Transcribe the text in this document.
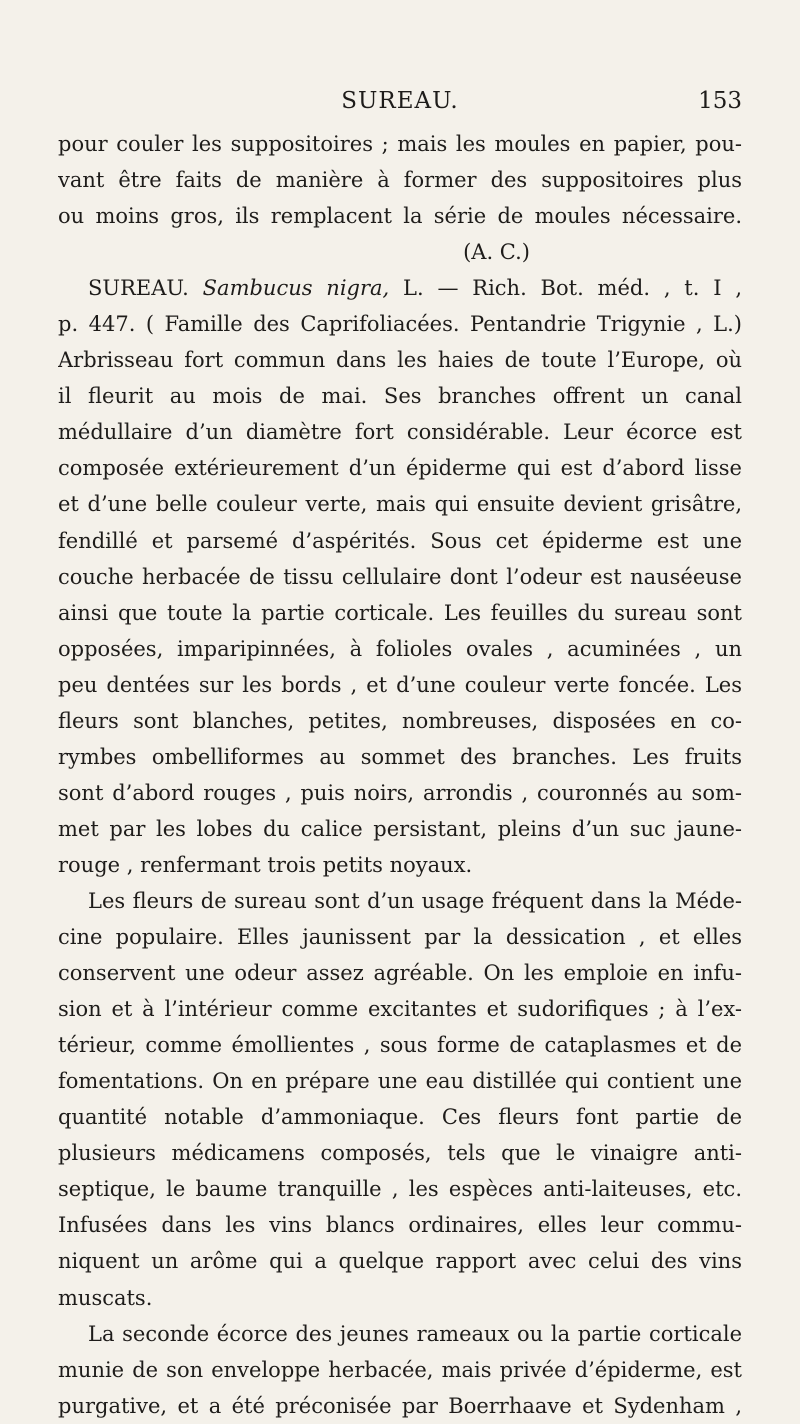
SUREAU.	153
pour couler les suppositoires ; mais les moules en papier, pou-
vant être faits de manière à former des suppositoires plus
ou moins gros, ils remplacent la série de moules nécessaire.
(A. C.)
SUREAU. Sambucus nigra, L. — Rich. Bot. méd. , t. I ,
p. 447. ( Famille des Caprifoliacées. Pentandrie Trigynie , L.)
Arbrisseau fort commun dans les haies de toute l’Europe, où
il fleurit au mois de mai. Ses branches offrent un canal
médullaire d’un diamètre fort considérable. Leur écorce est
composée extérieurement d’un épiderme qui est d’abord lisse
et d’une belle couleur verte, mais qui ensuite devient grisâtre,
fendillé et parsemé d’aspérités. Sous cet épiderme est une
couche herbacée de tissu cellulaire dont l’odeur est nauséeuse
ainsi que toute la partie corticale. Les feuilles du sureau sont
opposées, imparipinnées, à folioles ovales , acuminées , un
peu dentées sur les bords , et d’une couleur verte foncée. Les
fleurs sont blanches, petites, nombreuses, disposées en co-
rymbes ombelliformes au sommet des branches. Les fruits
sont d’abord rouges , puis noirs, arrondis , couronnés au som-
met par les lobes du calice persistant, pleins d’un suc jaune-
rouge , renfermant trois petits noyaux.
Les fleurs de sureau sont d’un usage fréquent dans la Méde-
cine populaire. Elles jaunissent par la dessication , et elles
conservent une odeur assez agréable. On les emploie en infu-
sion et à l’intérieur comme excitantes et sudorifiques ; à l’ex-
térieur, comme émollientes , sous forme de cataplasmes et de
fomentations. On en prépare une eau distillée qui contient une
quantité notable d’ammoniaque. Ces fleurs font partie de
plusieurs médicamens composés, tels que le vinaigre anti-
septique, le baume tranquille , les espèces anti-laiteuses, etc.
Infusées dans les vins blancs ordinaires, elles leur commu-
niquent un arôme qui a quelque rapport avec celui des vins
muscats.
La seconde écorce des jeunes rameaux ou la partie corticale
munie de son enveloppe herbacée, mais privée d’épiderme, est
purgative, et a été préconisée par Boerrhaave et Sydenham ,
